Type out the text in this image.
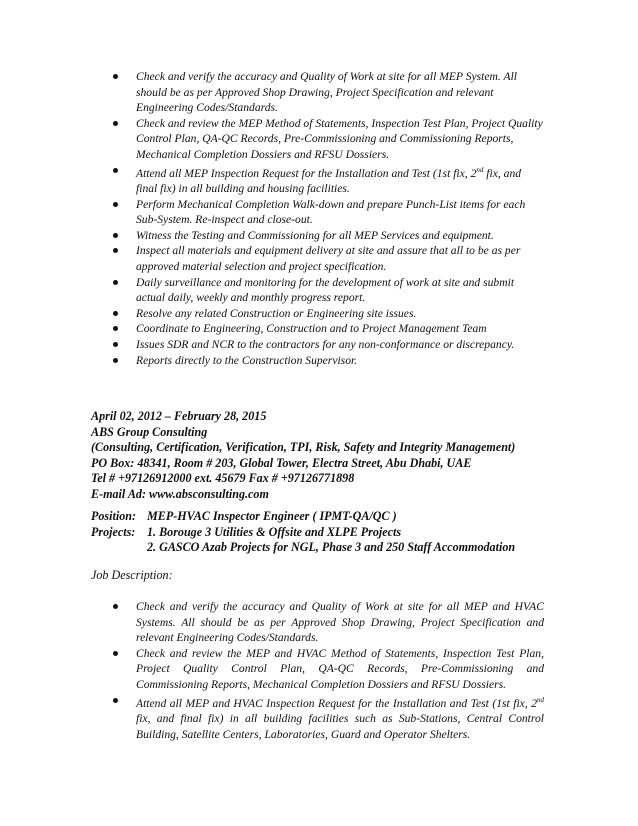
Check and verify the accuracy and Quality of Work at site for all MEP System. All should be as per Approved Shop Drawing, Project Specification and relevant Engineering Codes/Standards.
Check and review the MEP Method of Statements, Inspection Test Plan, Project Quality Control Plan, QA-QC Records, Pre-Commissioning and Commissioning Reports, Mechanical Completion Dossiers and RFSU Dossiers.
Attend all MEP Inspection Request for the Installation and Test (1st fix, 2nd fix, and final fix) in all building and housing facilities.
Perform Mechanical Completion Walk-down and prepare Punch-List items for each Sub-System. Re-inspect and close-out.
Witness the Testing and Commissioning for all MEP Services and equipment.
Inspect all materials and equipment delivery at site and assure that all to be as per approved material selection and project specification.
Daily surveillance and monitoring for the development of work at site and submit actual daily, weekly and monthly progress report.
Resolve any related Construction or Engineering site issues.
Coordinate to Engineering, Construction and to Project Management Team
Issues SDR and NCR to the contractors for any non-conformance or discrepancy.
Reports directly to the Construction Supervisor.
April 02, 2012 – February 28, 2015
ABS Group Consulting
(Consulting, Certification, Verification, TPI, Risk, Safety and Integrity Management)
PO Box: 48341, Room # 203, Global Tower, Electra Street, Abu Dhabi, UAE
Tel # +97126912000 ext. 45679 Fax # +97126771898
E-mail Ad: www.absconsulting.com
Position: MEP-HVAC Inspector Engineer ( IPMT-QA/QC )
Projects: 1. Borouge 3 Utilities & Offsite and XLPE Projects
2. GASCO Azab Projects for NGL, Phase 3 and 250 Staff Accommodation
Job Description:
Check and verify the accuracy and Quality of Work at site for all MEP and HVAC Systems. All should be as per Approved Shop Drawing, Project Specification and relevant Engineering Codes/Standards.
Check and review the MEP and HVAC Method of Statements, Inspection Test Plan, Project Quality Control Plan, QA-QC Records, Pre-Commissioning and Commissioning Reports, Mechanical Completion Dossiers and RFSU Dossiers.
Attend all MEP and HVAC Inspection Request for the Installation and Test (1st fix, 2nd fix, and final fix) in all building facilities such as Sub-Stations, Central Control Building, Satellite Centers, Laboratories, Guard and Operator Shelters.
